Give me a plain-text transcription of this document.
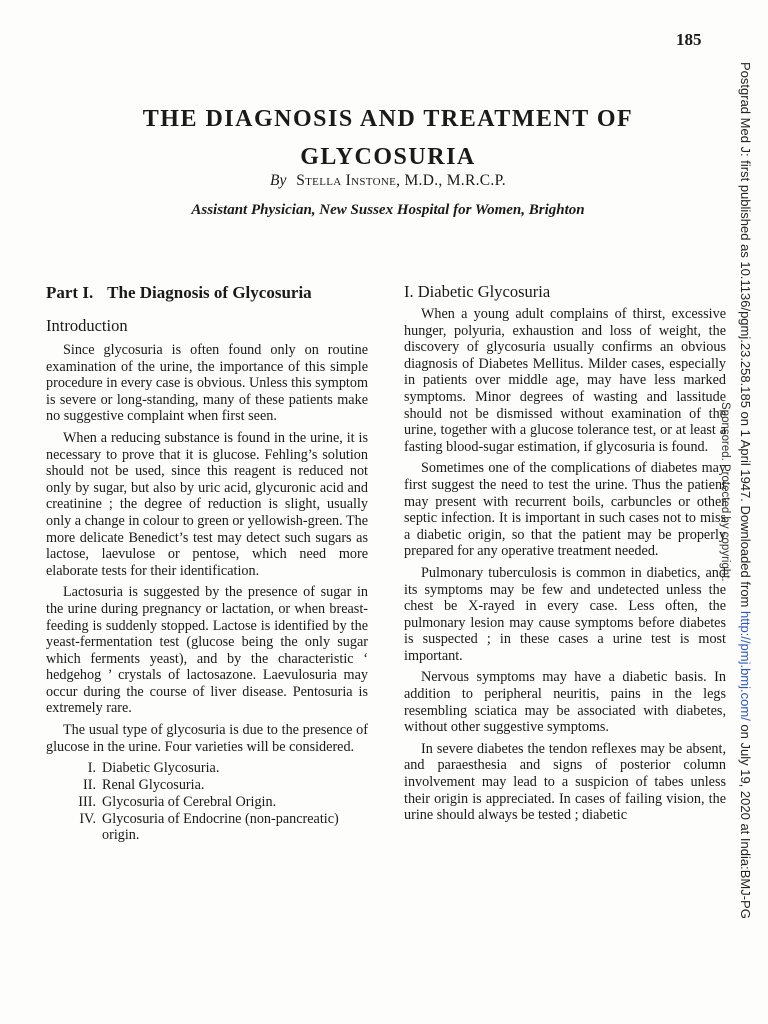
185
THE DIAGNOSIS AND TREATMENT OF
GLYCOSURIA
By Stella Instone, M.D., M.R.C.P.
Assistant Physician, New Sussex Hospital for Women, Brighton
Part I. The Diagnosis of Glycosuria
Introduction

Since glycosuria is often found only on routine examination of the urine, the importance of this simple procedure in every case is obvious. Unless this symptom is severe or long-standing, many of these patients make no suggestive complaint when first seen.

When a reducing substance is found in the urine, it is necessary to prove that it is glucose. Fehling’s solution should not be used, since this reagent is reduced not only by sugar, but also by uric acid, glycuronic acid and creatinine ; the degree of reduction is slight, usually only a change in colour to green or yellowish-green. The more delicate Benedict’s test may detect such sugars as lactose, laevulose or pentose, which need more elaborate tests for their identification.

Lactosuria is suggested by the presence of sugar in the urine during pregnancy or lactation, or when breast-feeding is suddenly stopped. Lactose is identified by the yeast-fermentation test (glucose being the only sugar which ferments yeast), and by the characteristic ‘ hedgehog ’ crystals of lactosazone. Laevulosuria may occur during the course of liver disease. Pentosuria is extremely rare.

The usual type of glycosuria is due to the presence of glucose in the urine. Four varieties will be considered.

I. Diabetic Glycosuria.
II. Renal Glycosuria.
III. Glycosuria of Cerebral Origin.
IV. Glycosuria of Endocrine (non-pancreatic) origin.
I. Diabetic Glycosuria

When a young adult complains of thirst, excessive hunger, polyuria, exhaustion and loss of weight, the discovery of glycosuria usually confirms an obvious diagnosis of Diabetes Mellitus. Milder cases, especially in patients over middle age, may have less marked symptoms. Minor degrees of wasting and lassitude should not be dismissed without examination of the urine, together with a glucose tolerance test, or at least a fasting blood-sugar estimation, if glycosuria is found.

Sometimes one of the complications of diabetes may first suggest the need to test the urine. Thus the patient may present with recurrent boils, carbuncles or other septic infection. It is important in such cases not to miss a diabetic origin, so that the patient may be properly prepared for any operative treatment needed.

Pulmonary tuberculosis is common in diabetics, and its symptoms may be few and undetected unless the chest be X-rayed in every case. Less often, the pulmonary lesion may cause symptoms before diabetes is suspected ; in these cases a urine test is most important.

Nervous symptoms may have a diabetic basis. In addition to peripheral neuritis, pains in the legs resembling sciatica may be associated with diabetes, without other suggestive symptoms.

In severe diabetes the tendon reflexes may be absent, and paraesthesia and signs of posterior column involvement may lead to a suspicion of tabes unless their origin is appreciated. In cases of failing vision, the urine should always be tested ; diabetic

Postgrad Med J: first published as 10.1136/pgmj.23.258.185 on 1 April 1947. Downloaded from http://pmj.bmj.com/ on July 19, 2020 at India:BMJ-PG
Sponsored. Protected by copyright.
